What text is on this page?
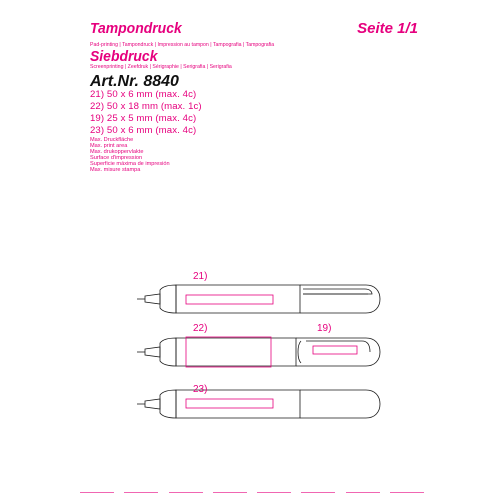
Tampondruck	Seite 1/1
Pad-printing | Tampondruck | Impression au tampon | Tampografia | Tampografia
Siebdruck
Screenprinting | Zeefdruk | Sérigraphie | Serigrafia | Serigrafia
Art.Nr. 8840
21) 50 x 6 mm (max. 4c)
22) 50 x 18 mm (max. 1c)
19) 25 x 5 mm (max. 4c)
23) 50 x 6 mm (max. 4c)
Max. Druckfläche
Max. print area
Max. drukoppervlakte
Surface d'impression
Superficie máxima de impresión
Max. misure stampa
21)
22)	19)
23)
